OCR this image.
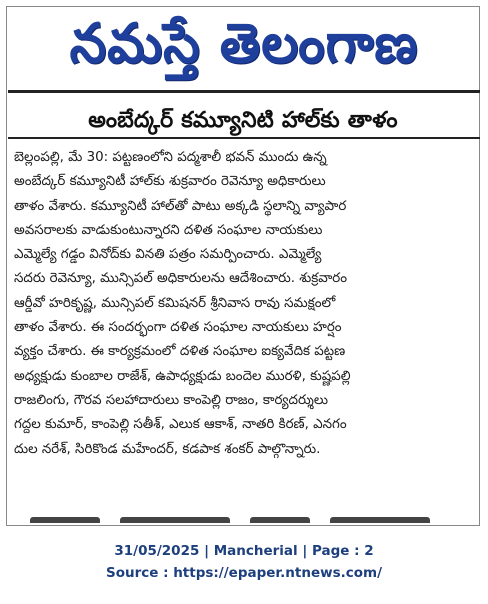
నమస్తే తెలంగాణ
అంబేద్కర్ కమ్యూనిటి హాల్‌కు తాళం
బెల్లంపల్లి, మే 30: పట్టణంలోని పద్మశాలీ భవన్ ముందు ఉన్న
అంబేద్కర్ కమ్యూనిటీ హాల్‌కు శుక్రవారం రెవెన్యూ అధికారులు
తాళం వేశారు. కమ్యూనిటీ హాల్‌తో పాటు అక్కడి స్థలాన్ని వ్యాపార
అవసరాలకు వాడుకుంటున్నారని దళిత సంఘాల నాయకులు
ఎమ్మెల్యే గడ్డం వినోద్‌కు వినతి పత్రం సమర్పించారు. ఎమ్మెల్యే
సదరు రెవెన్యూ, మున్సిపల్ అధికారులను ఆదేశించారు. శుక్రవారం
ఆర్డీవో హరికృష్ణ, మున్సిపల్ కమిషనర్ శ్రీనివాస రావు సమక్షంలో
తాళం వేశారు. ఈ సందర్భంగా దళిత సంఘాల నాయకులు హర్షం
వ్యక్తం చేశారు. ఈ కార్యక్రమంలో దళిత సంఘాల ఐక్యవేదిక పట్టణ
అధ్యక్షుడు కుంబాల రాజేశ్, ఉపాధ్యక్షుడు బందెల మురళి, కుష్ణపల్లి
రాజలింగు, గౌరవ సలహాదారులు కాంపెల్లి రాజం, కార్యదర్శులు
గద్దల కుమార్, కాంపెల్లి సతీశ్, ఎలుక ఆకాశ్, నాతరి కిరణ్, ఎనగం
దుల నరేశ్, సిరికొండ మహేందర్, కడపాక శంకర్ పాల్గొన్నారు.
31/05/2025 | Mancherial | Page : 2
Source : https://epaper.ntnews.com/
